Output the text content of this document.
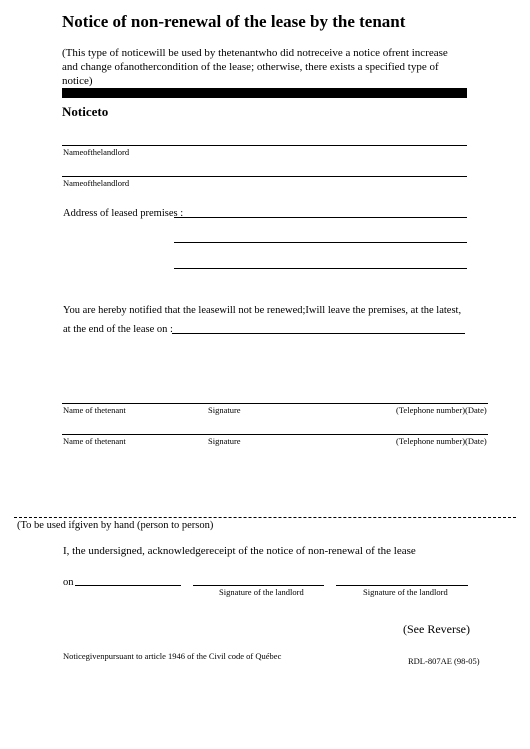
Notice of non-renewal of the lease by the tenant
(This type of noticewill be used by thetenantwho did notreceive a notice ofrent increase and change ofanothercondition of the lease; otherwise, there exists a specified type of notice)
Noticeto
Nameofthelandlord
Nameofthelandlord
Address of leased premises :
You are hereby notified that the leasewill not be renewed;Iwill leave the premises, at the latest,
at the end of the lease on :
Name of thetenant	Signature	(Telephone number)(Date)
Name of thetenant	Signature	(Telephone number)(Date)
(To be used ifgiven by hand (person to person)
I, the undersigned, acknowledgereceipt of the notice of non-renewal of the lease
on
Signature of the landlord	Signature of the landlord
(See Reverse)
Noticegivenpursuant to article 1946 of the Civil code of Québec	RDL-807AE (98-05)
